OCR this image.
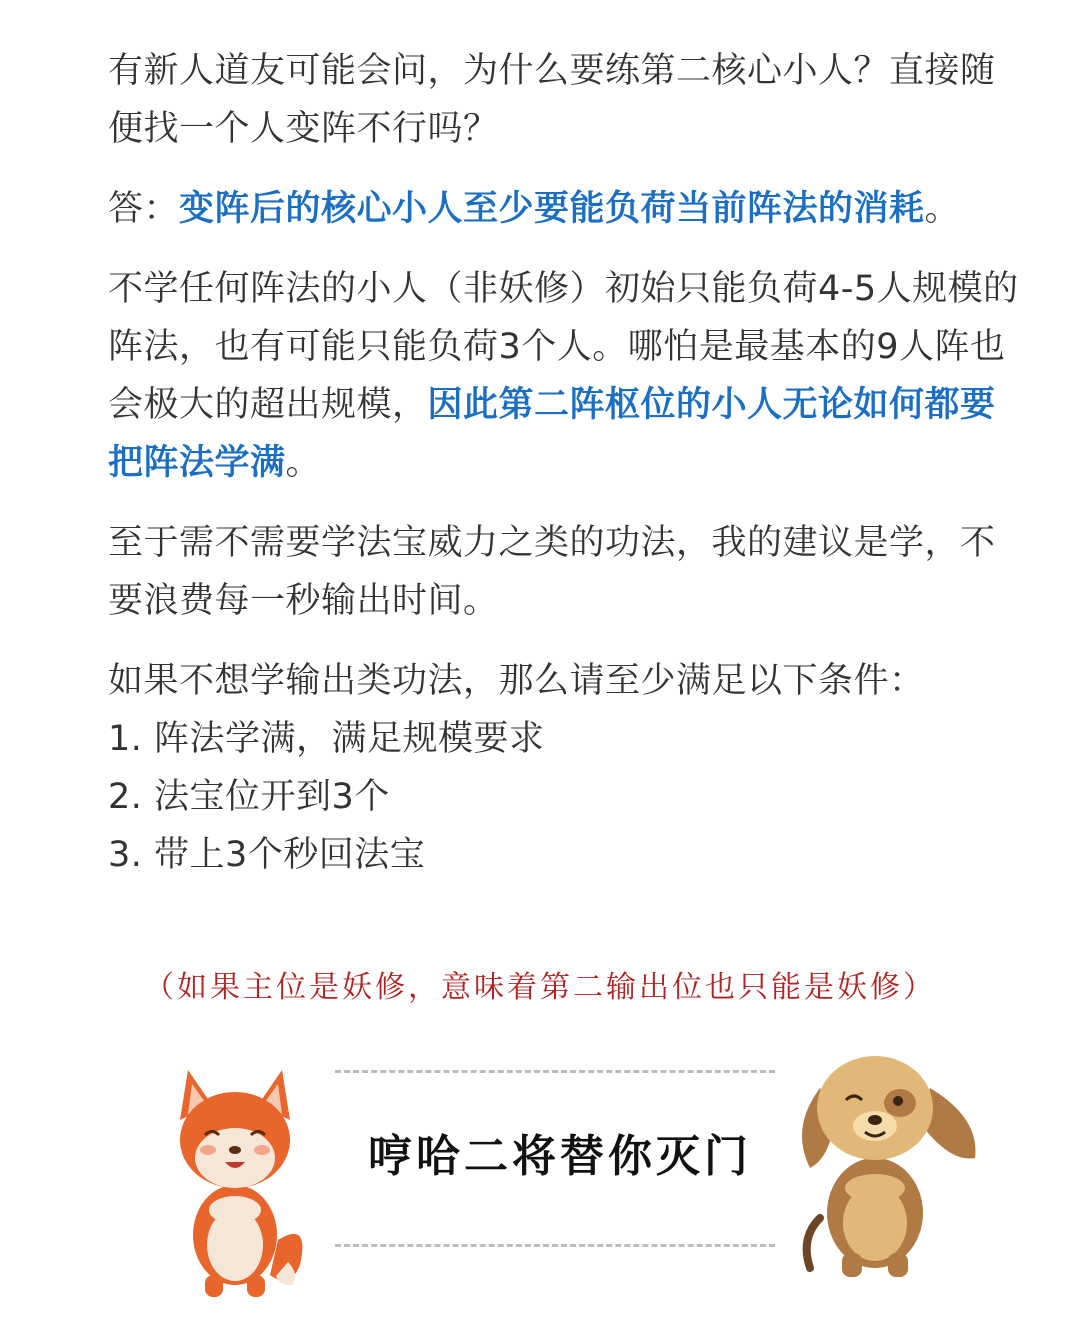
有新人道友可能会问，为什么要练第二核心小人？直接随便找一个人变阵不行吗？
答：变阵后的核心小人至少要能负荷当前阵法的消耗。
不学任何阵法的小人（非妖修）初始只能负荷4-5人规模的阵法，也有可能只能负荷3个人。哪怕是最基本的9人阵也会极大的超出规模，因此第二阵枢位的小人无论如何都要把阵法学满。
至于需不需要学法宝威力之类的功法，我的建议是学，不要浪费每一秒输出时间。
如果不想学输出类功法，那么请至少满足以下条件：
1. 阵法学满，满足规模要求
2. 法宝位开到3个
3. 带上3个秒回法宝
（如果主位是妖修，意味着第二输出位也只能是妖修）
哼哈二将替你灭门
